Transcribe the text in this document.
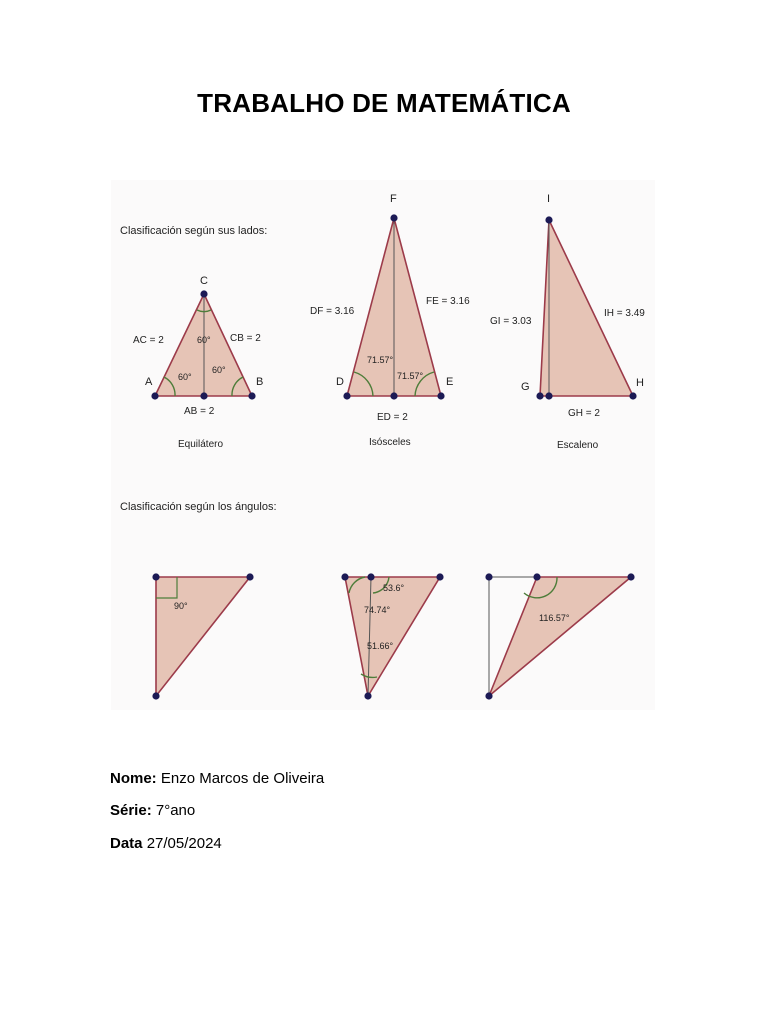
TRABALHO DE MATEMÁTICA
Clasificación según sus lados:
C
A	B
AC = 2	CB = 2
AB = 2
60°
60°
60°
Equilátero
F
D	E
DF = 3.16
FE = 3.16
ED = 2
71.57°
71.57°
Isósceles
I
G	H
GI = 3.03
IH = 3.49
GH = 2
Escaleno
Clasificación según los ángulos:
90°
53.6°
74.74°
51.66°
116.57°
Nome: Enzo Marcos de Oliveira
Série: 7°ano
Data 27/05/2024
